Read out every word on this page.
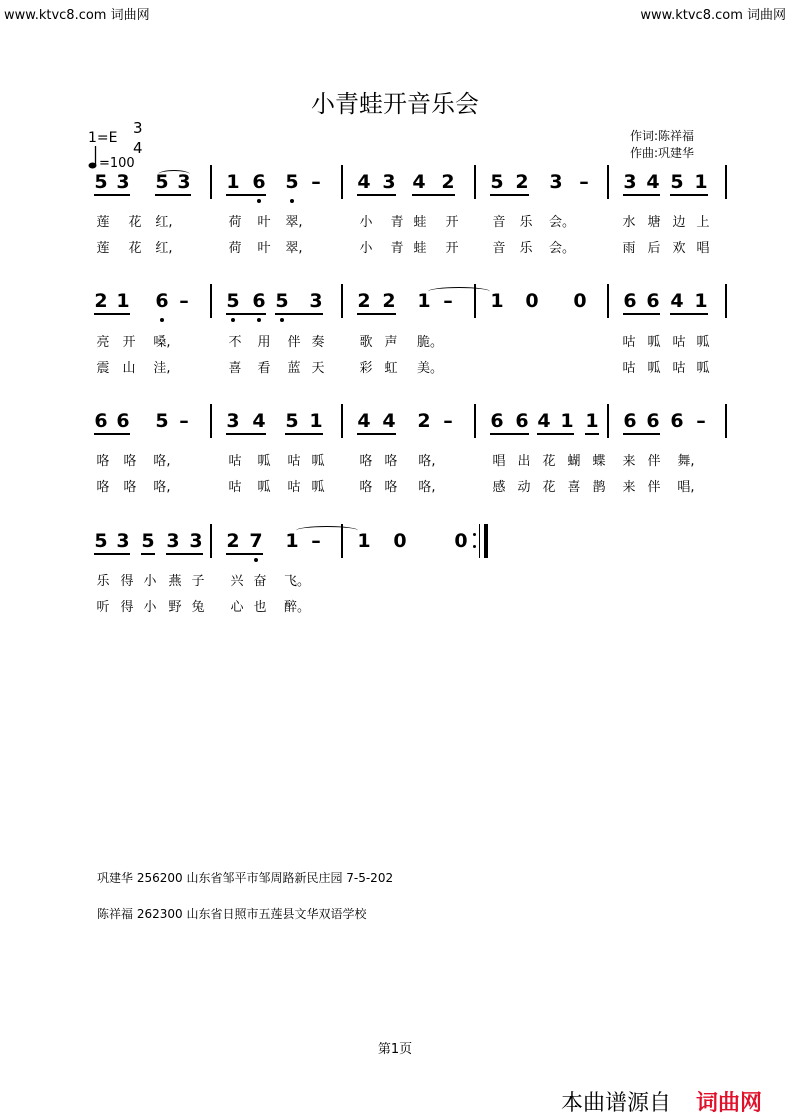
www.ktvc8.com 词曲网	www.ktvc8.com 词曲网
小青蛙开音乐会
1=E
3
4
=100
作词:陈祥福
作曲:巩建华
5 3 5 3 1 6 5 – 4 3 4 2 5 2 3 – 3 4 5 1
莲 花 红,	荷 叶 翠,	小 青 蛙 开	音 乐 会。	水 塘 边 上
莲 花 红,	荷 叶 翠,	小 青 蛙 开	音 乐 会。	雨 后 欢 唱
2 1 6 – 5 6 5 3 2 2 1 – 1 0 0 6 6 4 1
亮 开 嗓,	不 用 伴 奏	歌 声 脆。	咕 呱 咕 呱
震 山 洼,	喜 看 蓝 天	彩 虹 美。	咕 呱 咕 呱
6 6 5 – 3 4 5 1 4 4 2 – 6 6 4 1 1 6 6 6 –
咯 咯 咯,	咕 呱 咕 呱	咯 咯 咯,	唱 出 花 蝴 蝶 来 伴 舞,
咯 咯 咯,	咕 呱 咕 呱	咯 咯 咯,	感 动 花 喜 鹊 来 伴 唱,
5 3 5 3 3 2 7 1 – 1 0	0
乐 得 小 燕 子 兴 奋 飞。
听 得 小 野 兔 心 也 醉。
巩建华 256200 山东省邹平市邹周路新民庄园 7-5-202
陈祥福 262300 山东省日照市五莲县文华双语学校
第1页
本曲谱源自 词曲网
